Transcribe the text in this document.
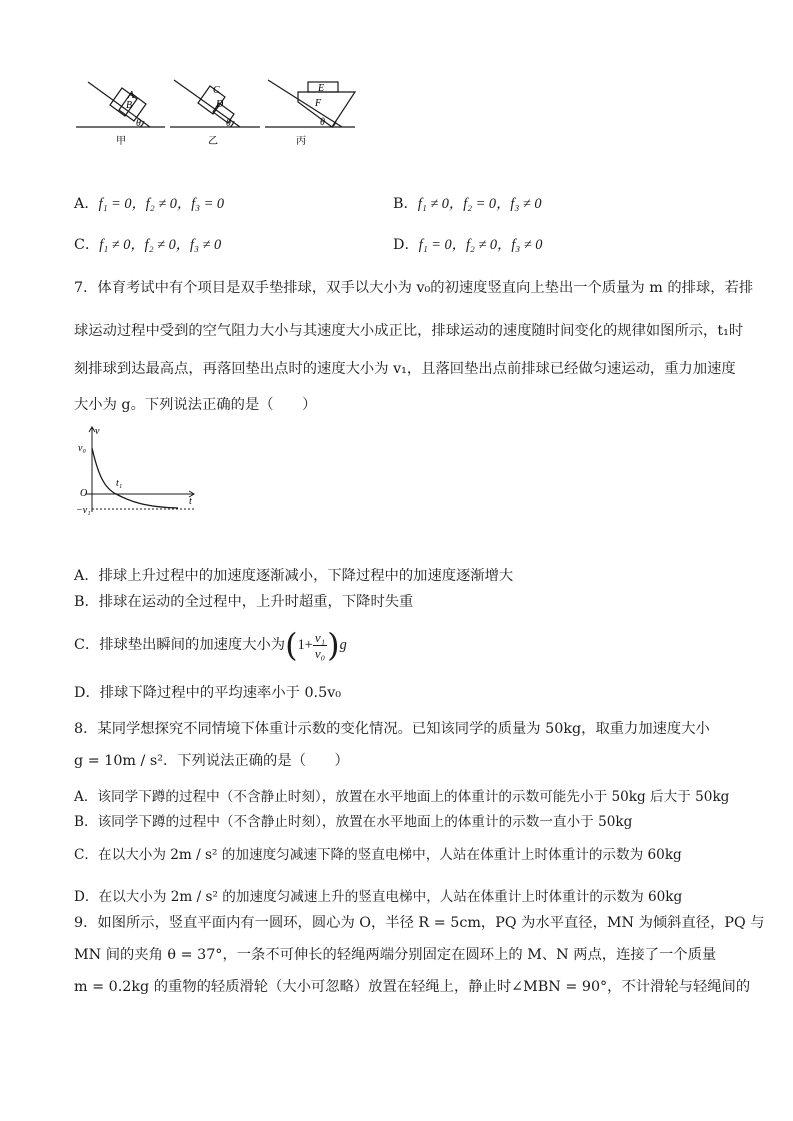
A
B
θ
C
D
θ
E
F
θ
甲	乙	丙
A．f₁ = 0，f₂ ≠ 0，f₃ = 0	B．f₁ ≠ 0，f₂ = 0，f₃ ≠ 0
C．f₁ ≠ 0，f₂ ≠ 0，f₃ ≠ 0	D．f₁ = 0，f₂ ≠ 0，f₃ ≠ 0
7．体育考试中有个项目是双手垫排球，双手以大小为 v₀的初速度竖直向上垫出一个质量为 m 的排球，若排
球运动过程中受到的空气阻力大小与其速度大小成正比，排球运动的速度随时间变化的规律如图所示，t₁时
刻排球到达最高点，再落回垫出点时的速度大小为 v₁，且落回垫出点前排球已经做匀速运动，重力加速度
大小为 g。下列说法正确的是（　　）
v
t
O
v₀
−v₁
t₁
A．排球上升过程中的加速度逐渐减小，下降过程中的加速度逐渐增大
B．排球在运动的全过程中，上升时超重，下降时失重
C．排球垫出瞬间的加速度大小为 ( $1+ \frac{\text{v₁}}{\text{v₀}}$ ) g
D．排球下降过程中的平均速率小于 0.5v₀
8．某同学想探究不同情境下体重计示数的变化情况。已知该同学的质量为 50kg，取重力加速度大小
g = 10m / s²．下列说法正确的是（　　）
A．该同学下蹲的过程中（不含静止时刻），放置在水平地面上的体重计的示数可能先小于 50kg 后大于 50kg
B．该同学下蹲的过程中（不含静止时刻），放置在水平地面上的体重计的示数一直小于 50kg
C．在以大小为 2m / s² 的加速度匀减速下降的竖直电梯中，人站在体重计上时体重计的示数为 60kg
D．在以大小为 2m / s² 的加速度匀减速上升的竖直电梯中，人站在体重计上时体重计的示数为 60kg
9．如图所示，竖直平面内有一圆环，圆心为 O，半径 R = 5cm，PQ 为水平直径，MN 为倾斜直径，PQ 与
MN 间的夹角 θ = 37°，一条不可伸长的轻绳两端分别固定在圆环上的 M、N 两点，连接了一个质量
m = 0.2kg 的重物的轻质滑轮（大小可忽略）放置在轻绳上，静止时∠MBN = 90°，不计滑轮与轻绳间的
